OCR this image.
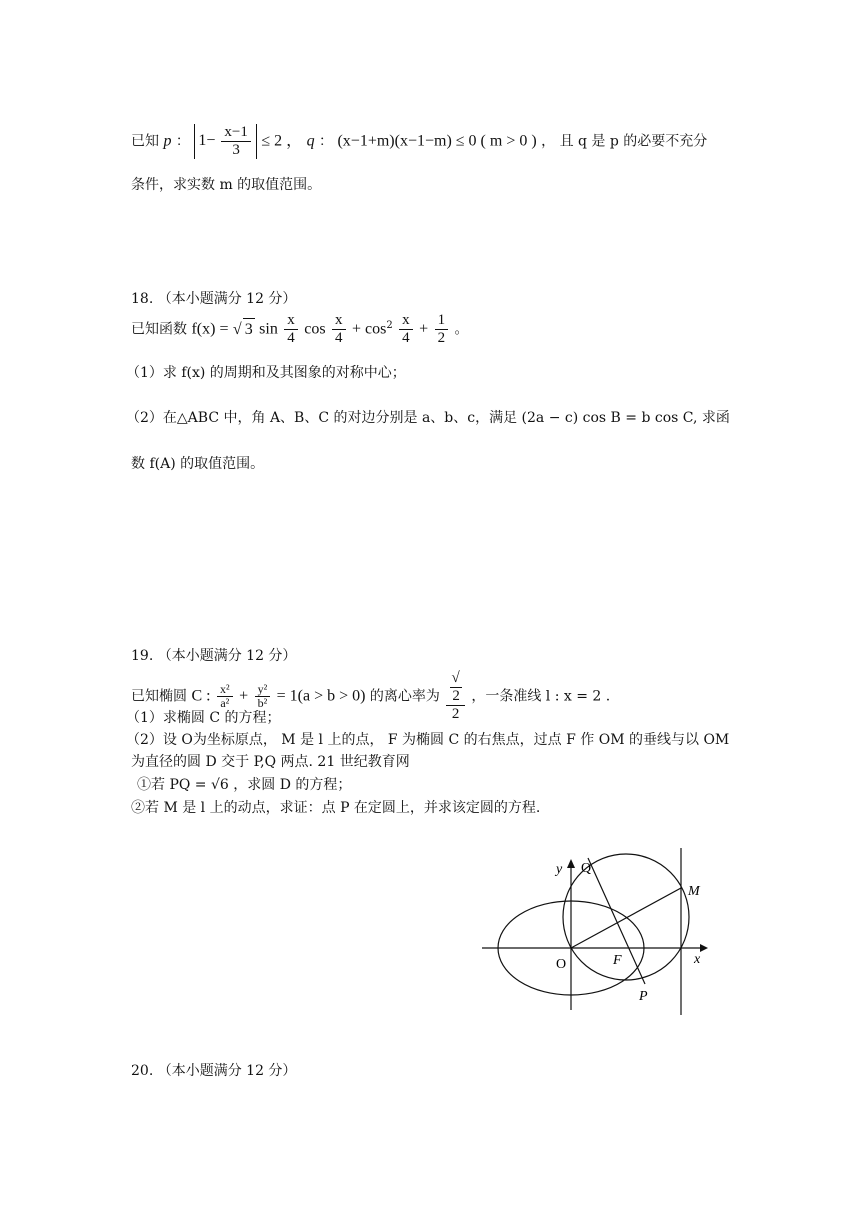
已知 p ： $1- \frac{x-1}{3} \le 2$ ， q ： (x−1+m)(x−1−m) ≤ 0 ( m > 0 ) ， 且 q 是 p 的必要不充分
条件，求实数 m 的取值范围。
18. （本小题满分 12 分）
已知函数 f(x) = √ 3 $\sin \frac{x}{4}$ $\cos \frac{x}{4} + \cos^2 \frac{x}{4} + \frac{1}{2}$ 。
（1）求 f(x) 的周期和及其图象的对称中心；
（2）在△ABC 中，角 A、B、C 的对边分别是 a、b、c，满足 (2a − c) cos B = b cos C, 求函
数 f(A) 的取值范围。
19. （本小题满分 12 分）
已知椭圆 C : $\frac{\text{x²}}{\text{a²}} + \frac{\text{y²}}{\text{b²}} = 1(a > b > 0)$ 的离心率为 √
2
2 ，一条准线 l : x = 2 .
（1）求椭圆 C 的方程；
（2）设 O为坐标原点， M 是 l 上的点， F 为椭圆 C 的右焦点，过点 F 作 OM 的垂线与以 OM
为直径的圆 D 交于 P,Q 两点. 21 世纪教育网
①若 PQ = √6 ，求圆 D 的方程；
②若 M 是 l 上的动点，求证：点 P 在定圆上，并求该定圆的方程.
y Q
M
O	F	x
P
20. （本小题满分 12 分）
